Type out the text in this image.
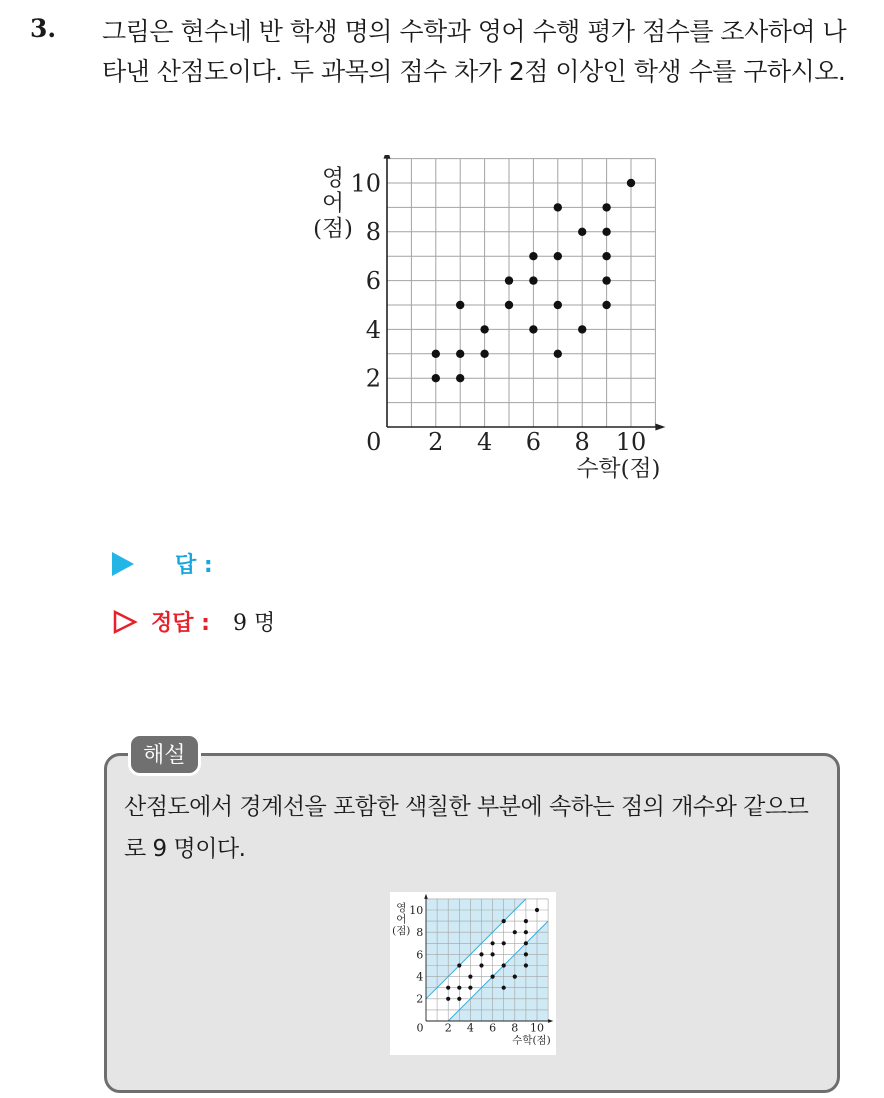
3. 그림은 현수네 반 학생 명의 수학과 영어 수행 평가 점수를 조사하여 나타낸 산점도이다. 두 과목의 점수 차가 2점 이상인 학생 수를 구하시오.
0 2 4 6 8 10
2
4
6
8
10
수학(점)
영
어
(점)
답 :
정답 : 9 명
해설
산점도에서 경계선을 포함한 색칠한 부분에 속하는 점의 개수와 같으므로 9 명이다.
0 2 4 6 8 10
2
4
6
8
10
수학(점)
영
어
(점)
